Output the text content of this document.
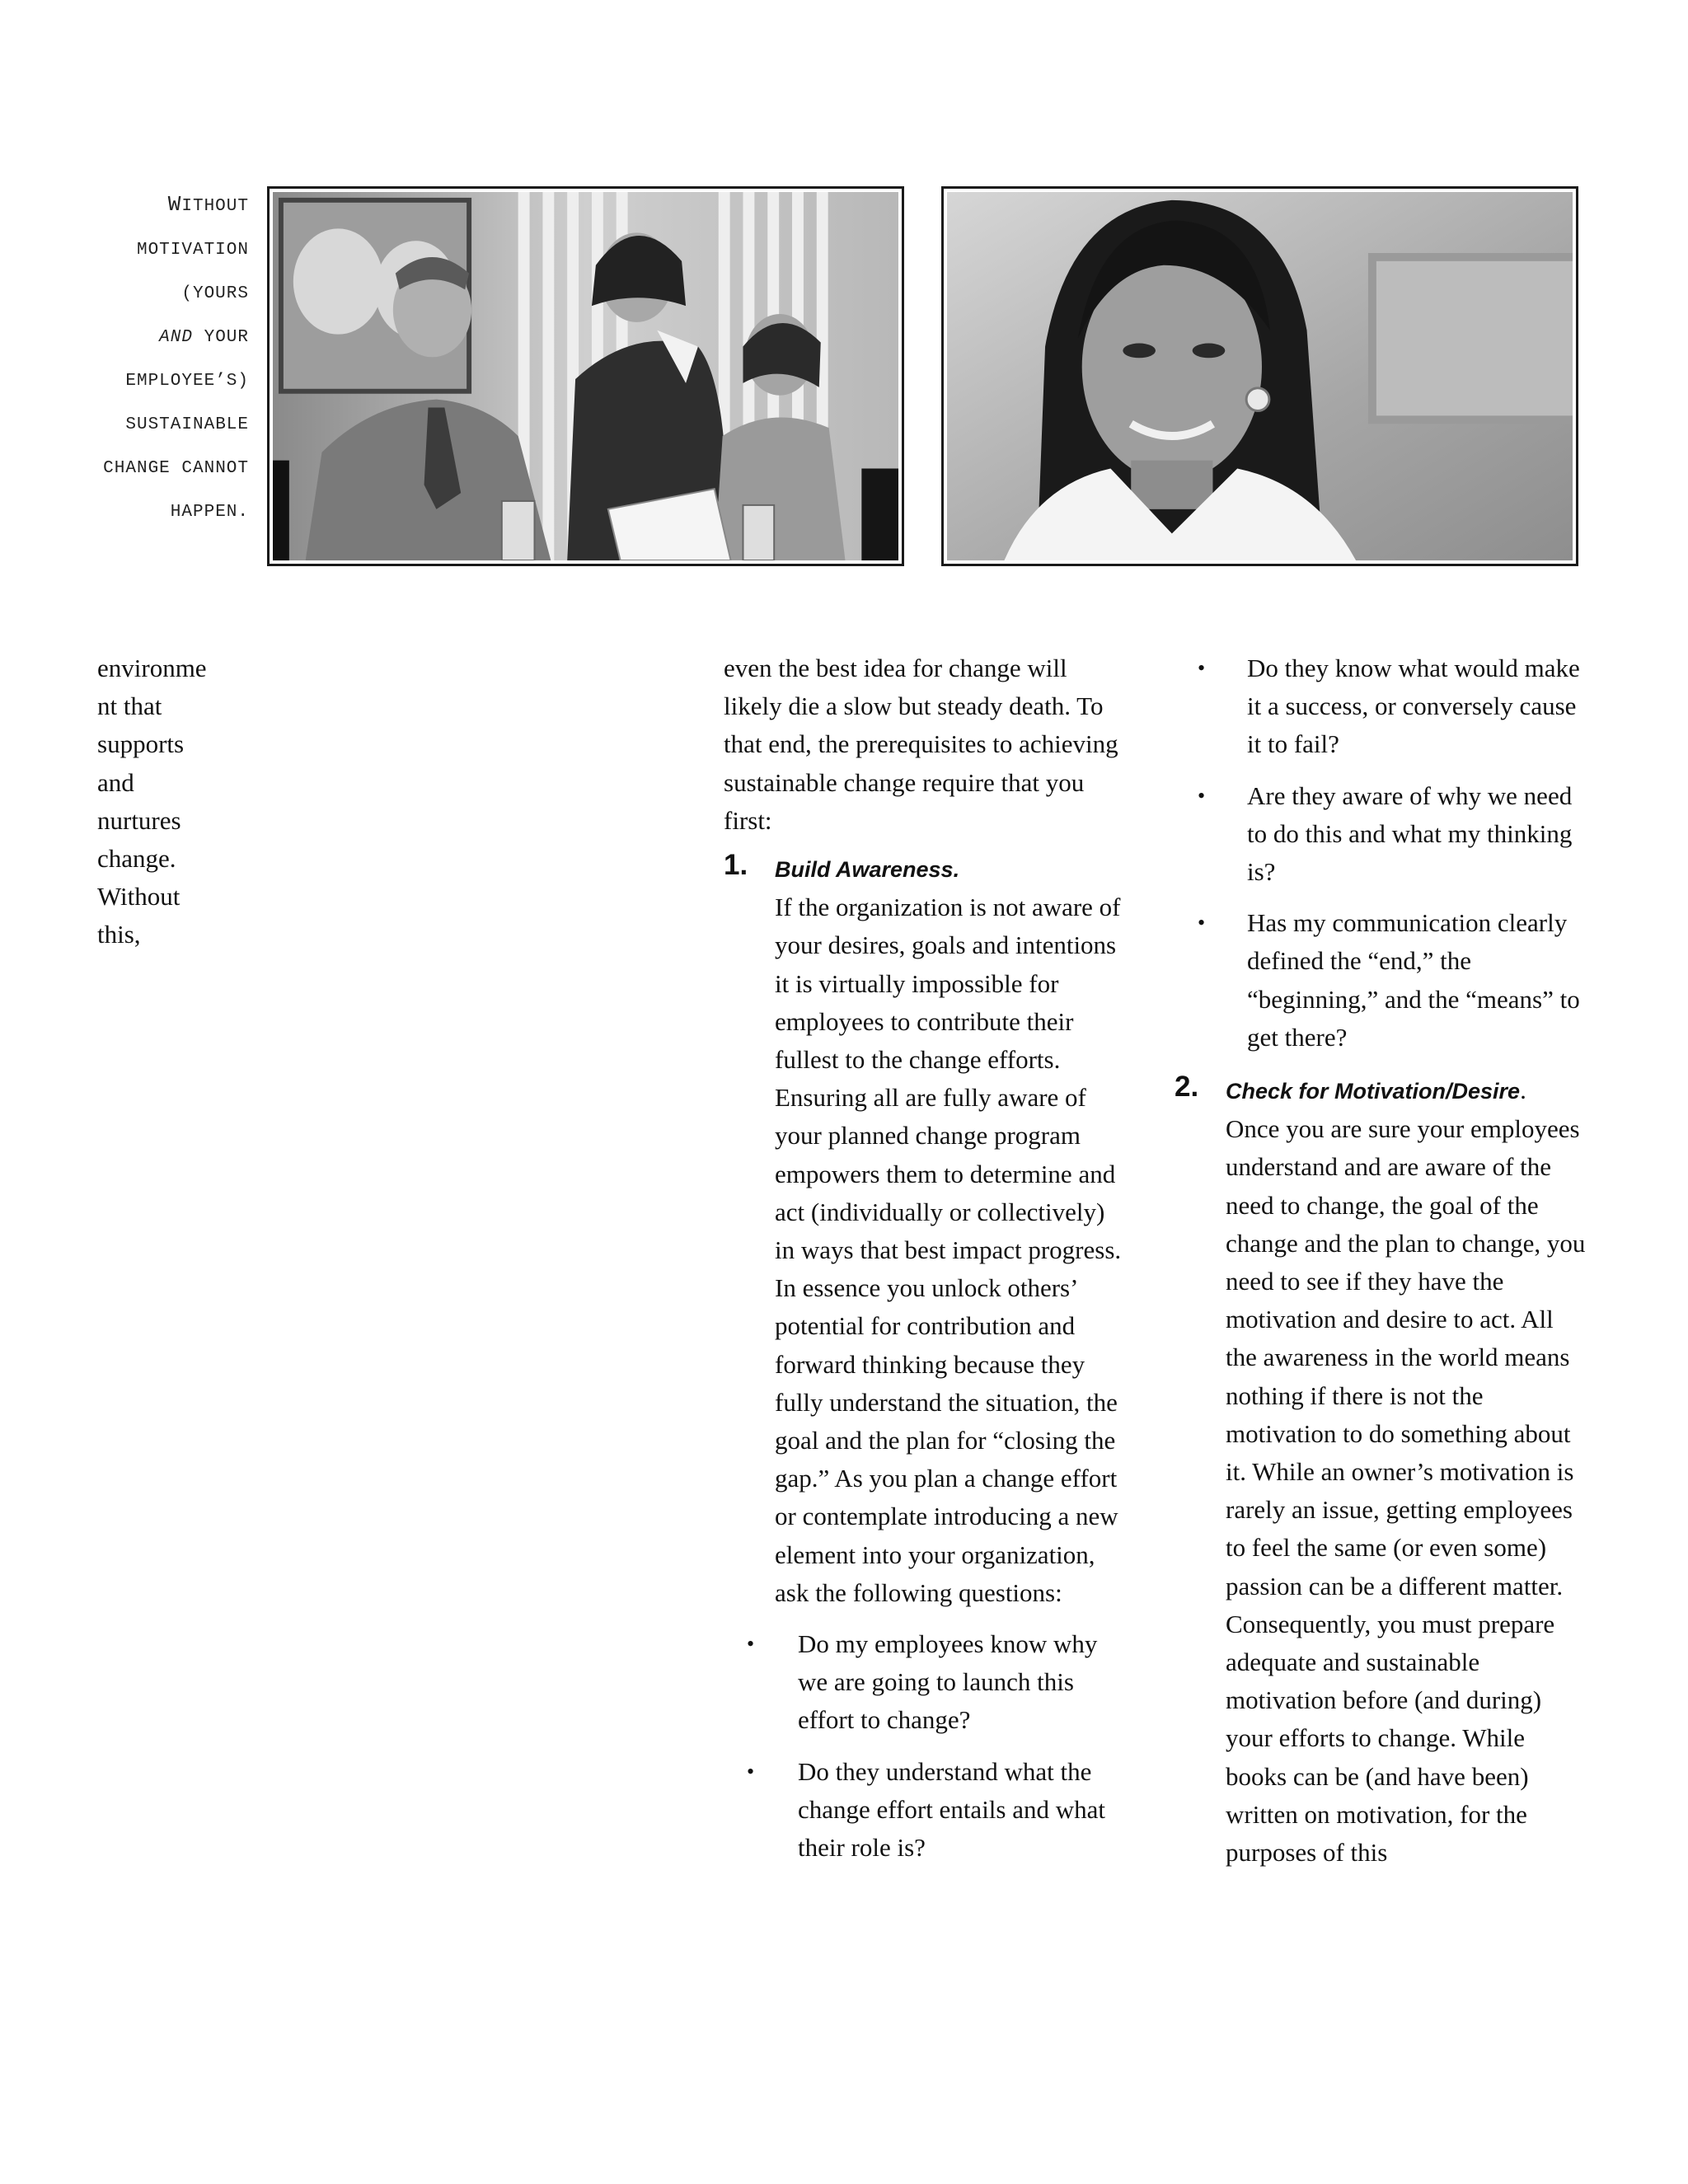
WITHOUT
MOTIVATION
(YOURS
AND YOUR
EMPLOYEE’S)
SUSTAINABLE
CHANGE CANNOT
HAPPEN.
environme
nt that
supports
and
nurtures
change.
Without
this,

even the best idea for change will likely die a slow but steady death. To that end, the prerequisites to achieving sustainable change require that you first:

1. Build Awareness.

If the organization is not aware of your desires, goals and intentions it is virtually impossible for employees to contribute their fullest to the change efforts. Ensuring all are fully aware of your planned change program empowers them to determine and act (individually or collectively) in ways that best impact progress. In essence you unlock others’ potential for contribution and forward thinking because they fully understand the situation, the goal and the plan for “closing the gap.” As you plan a change effort or contemplate introducing a new element into your organization, ask the following questions:

• Do my employees know why we are going to launch this effort to change?
• Do they understand what the change effort entails and what their role is?
• Do they know what would make it a success, or conversely cause it to fail?
• Are they aware of why we need to do this and what my thinking is?
• Has my communication clearly defined the “end,” the “beginning,” and the “means” to get there?
2. Check for Motivation/Desire.

Once you are sure your employees understand and are aware of the need to change, the goal of the change and the plan to change, you need to see if they have the motivation and desire to act. All the awareness in the world means nothing if there is not the motivation to do something about it. While an owner’s motivation is rarely an issue, getting employees to feel the same (or even some) passion can be a different matter. Consequently, you must prepare adequate and sustainable motivation before (and during) your efforts to change. While books can be (and have been) written on motivation, for the purposes of this
